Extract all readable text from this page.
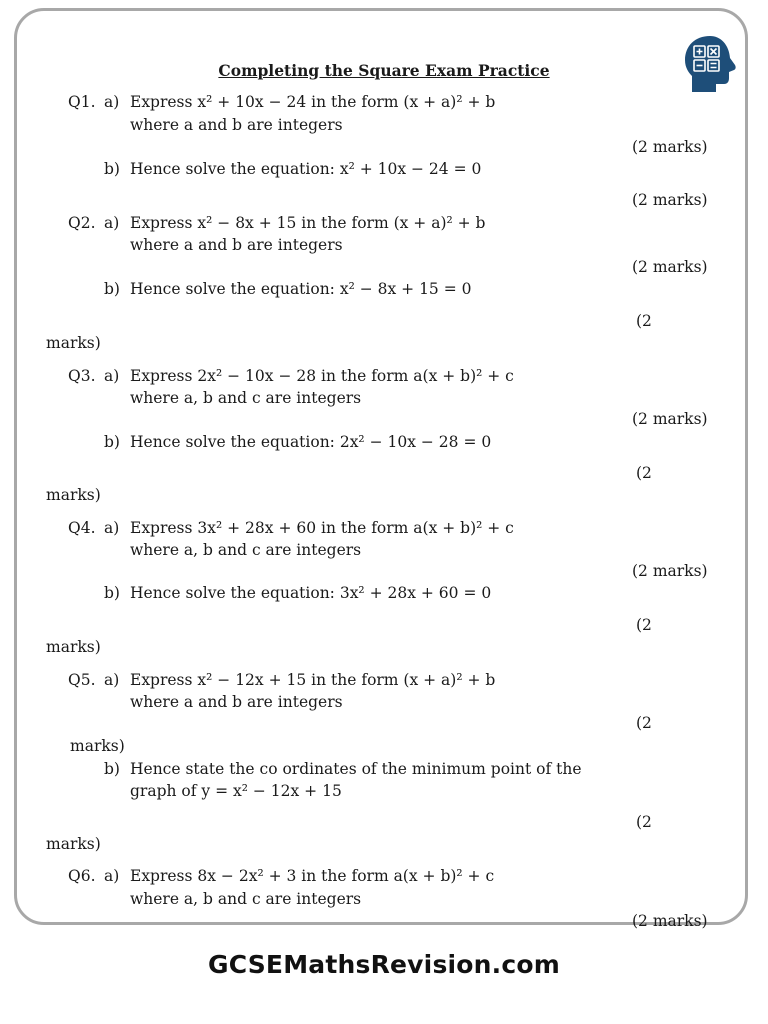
Completing the Square Exam Practice
Q1. a) Express x² + 10x − 24 in the form (x + a)² + b
where a and b are integers
(2 marks)
b) Hence solve the equation: x² + 10x − 24 = 0
(2 marks)
Q2. a) Express x² − 8x + 15 in the form (x + a)² + b
where a and b are integers
(2 marks)
b) Hence solve the equation: x² − 8x + 15 = 0
(2
marks)
Q3. a) Express 2x² − 10x − 28 in the form a(x + b)² + c
where a, b and c are integers
(2 marks)
b) Hence solve the equation: 2x² − 10x − 28 = 0
(2
marks)
Q4. a) Express 3x² + 28x + 60 in the form a(x + b)² + c
where a, b and c are integers
(2 marks)
b) Hence solve the equation: 3x² + 28x + 60 = 0
(2
marks)
Q5. a) Express x² − 12x + 15 in the form (x + a)² + b
where a and b are integers
(2
marks)
b) Hence state the co ordinates of the minimum point of the
graph of y = x² − 12x + 15
(2
marks)
Q6. a) Express 8x − 2x² + 3 in the form a(x + b)² + c
where a, b and c are integers
(2 marks)
GCSEMathsRevision.com
